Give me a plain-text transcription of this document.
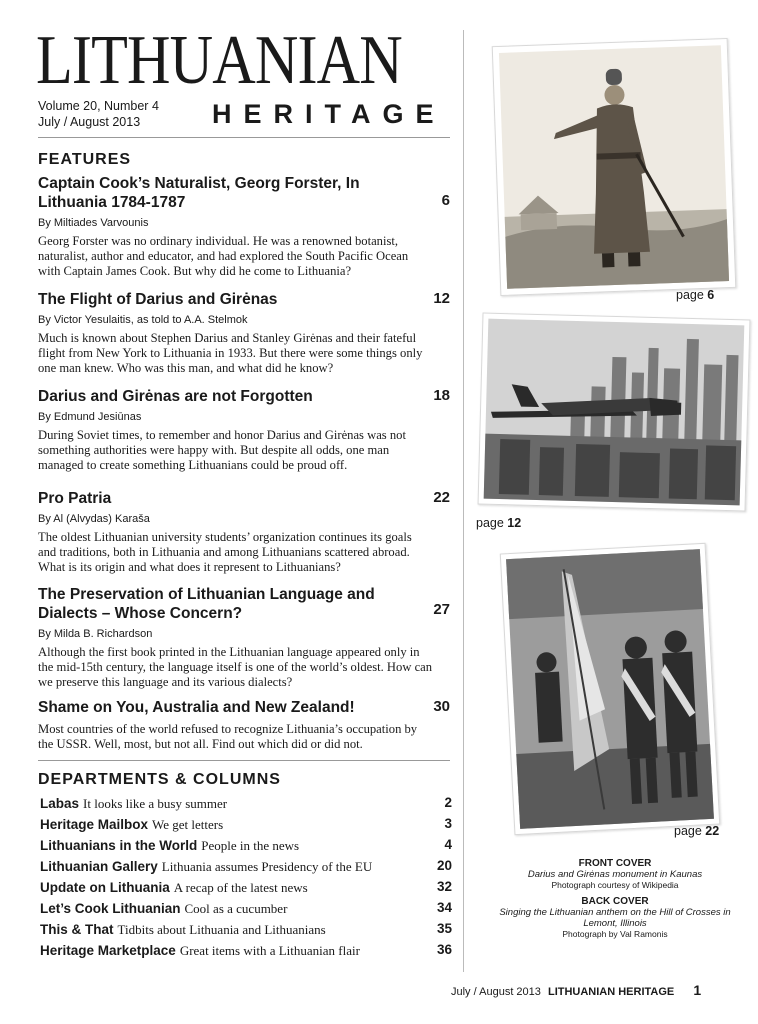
LITHUANIAN
Volume 20, Number 4
July / August 2013	HERITAGE
FEATURES
Captain Cook’s Naturalist, Georg Forster, In Lithuania 1784-1787	6
By Miltiades Varvounis
Georg Forster was no ordinary individual. He was a renowned botanist, naturalist, author and educator, and had explored the South Pacific Ocean with Captain James Cook. But why did he come to Lithuania?
The Flight of Darius and Girėnas	12
By Victor Yesulaitis, as told to A.A. Stelmok
Much is known about Stephen Darius and Stanley Girėnas and their fateful flight from New York to Lithuania in 1933. But there were some things only one man knew. Who was this man, and what did he know?
Darius and Girėnas are not Forgotten	18
By Edmund Jesiūnas
During Soviet times, to remember and honor Darius and Girėnas was not something authorities were happy with. But despite all odds, one man managed to create something Lithuanians could be proud off.
Pro Patria	22
By Al (Alvydas) Karaša
The oldest Lithuanian university students’ organization continues its goals and traditions, both in Lithuania and among Lithuanians scattered abroad. What is its origin and what does it represent to Lithuanians?
The Preservation of Lithuanian Language and Dialects – Whose Concern?	27
By Milda B. Richardson
Although the first book printed in the Lithuanian language appeared only in the mid-15th century, the language itself is one of the world’s oldest. How can we preserve this language and its various dialects?
Shame on You, Australia and New Zealand!	30
Most countries of the world refused to recognize Lithuania’s occupation by the USSR. Well, most, but not all. Find out which did or did not.
DEPARTMENTS & COLUMNS
Labas It looks like a busy summer	2
Heritage Mailbox We get letters	3
Lithuanians in the World People in the news	4
Lithuanian Gallery Lithuania assumes Presidency of the EU	20
Update on Lithuania A recap of the latest news	32
Let’s Cook Lithuanian Cool as a cucumber	34
This & That Tidbits about Lithuania and Lithuanians	35
Heritage Marketplace Great items with a Lithuanian flair	36
page 6
page 12
page 22
FRONT COVER
Darius and Girėnas monument in Kaunas
Photograph courtesy of Wikipedia
BACK COVER
Singing the Lithuanian anthem on the Hill of Crosses in Lemont, Illinois
Photograph by Val Ramonis
July / August 2013 LITHUANIAN HERITAGE 1
